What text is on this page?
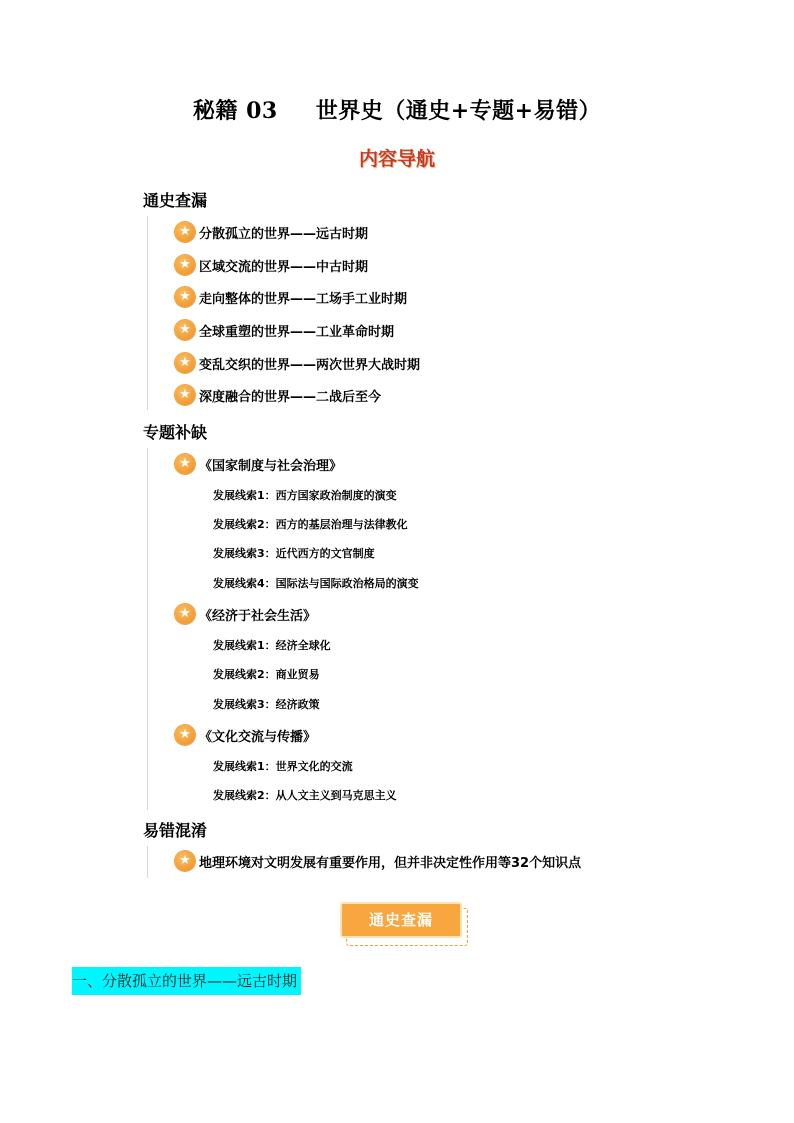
秘籍 03 世界史（通史+专题+易错）
内容导航
通史查漏
★ 分散孤立的世界——远古时期
★ 区域交流的世界——中古时期
★ 走向整体的世界——工场手工业时期
★ 全球重塑的世界——工业革命时期
★ 变乱交织的世界——两次世界大战时期
★ 深度融合的世界——二战后至今
专题补缺
★ 《国家制度与社会治理》
发展线索1：西方国家政治制度的演变
发展线索2：西方的基层治理与法律教化
发展线索3：近代西方的文官制度
发展线索4：国际法与国际政治格局的演变
★ 《经济于社会生活》
发展线索1：经济全球化
发展线索2：商业贸易
发展线索3：经济政策
★ 《文化交流与传播》
发展线索1：世界文化的交流
发展线索2：从人文主义到马克思主义
易错混淆
★ 地理环境对文明发展有重要作用，但并非决定性作用等32个知识点
通史查漏
一、分散孤立的世界——远古时期
